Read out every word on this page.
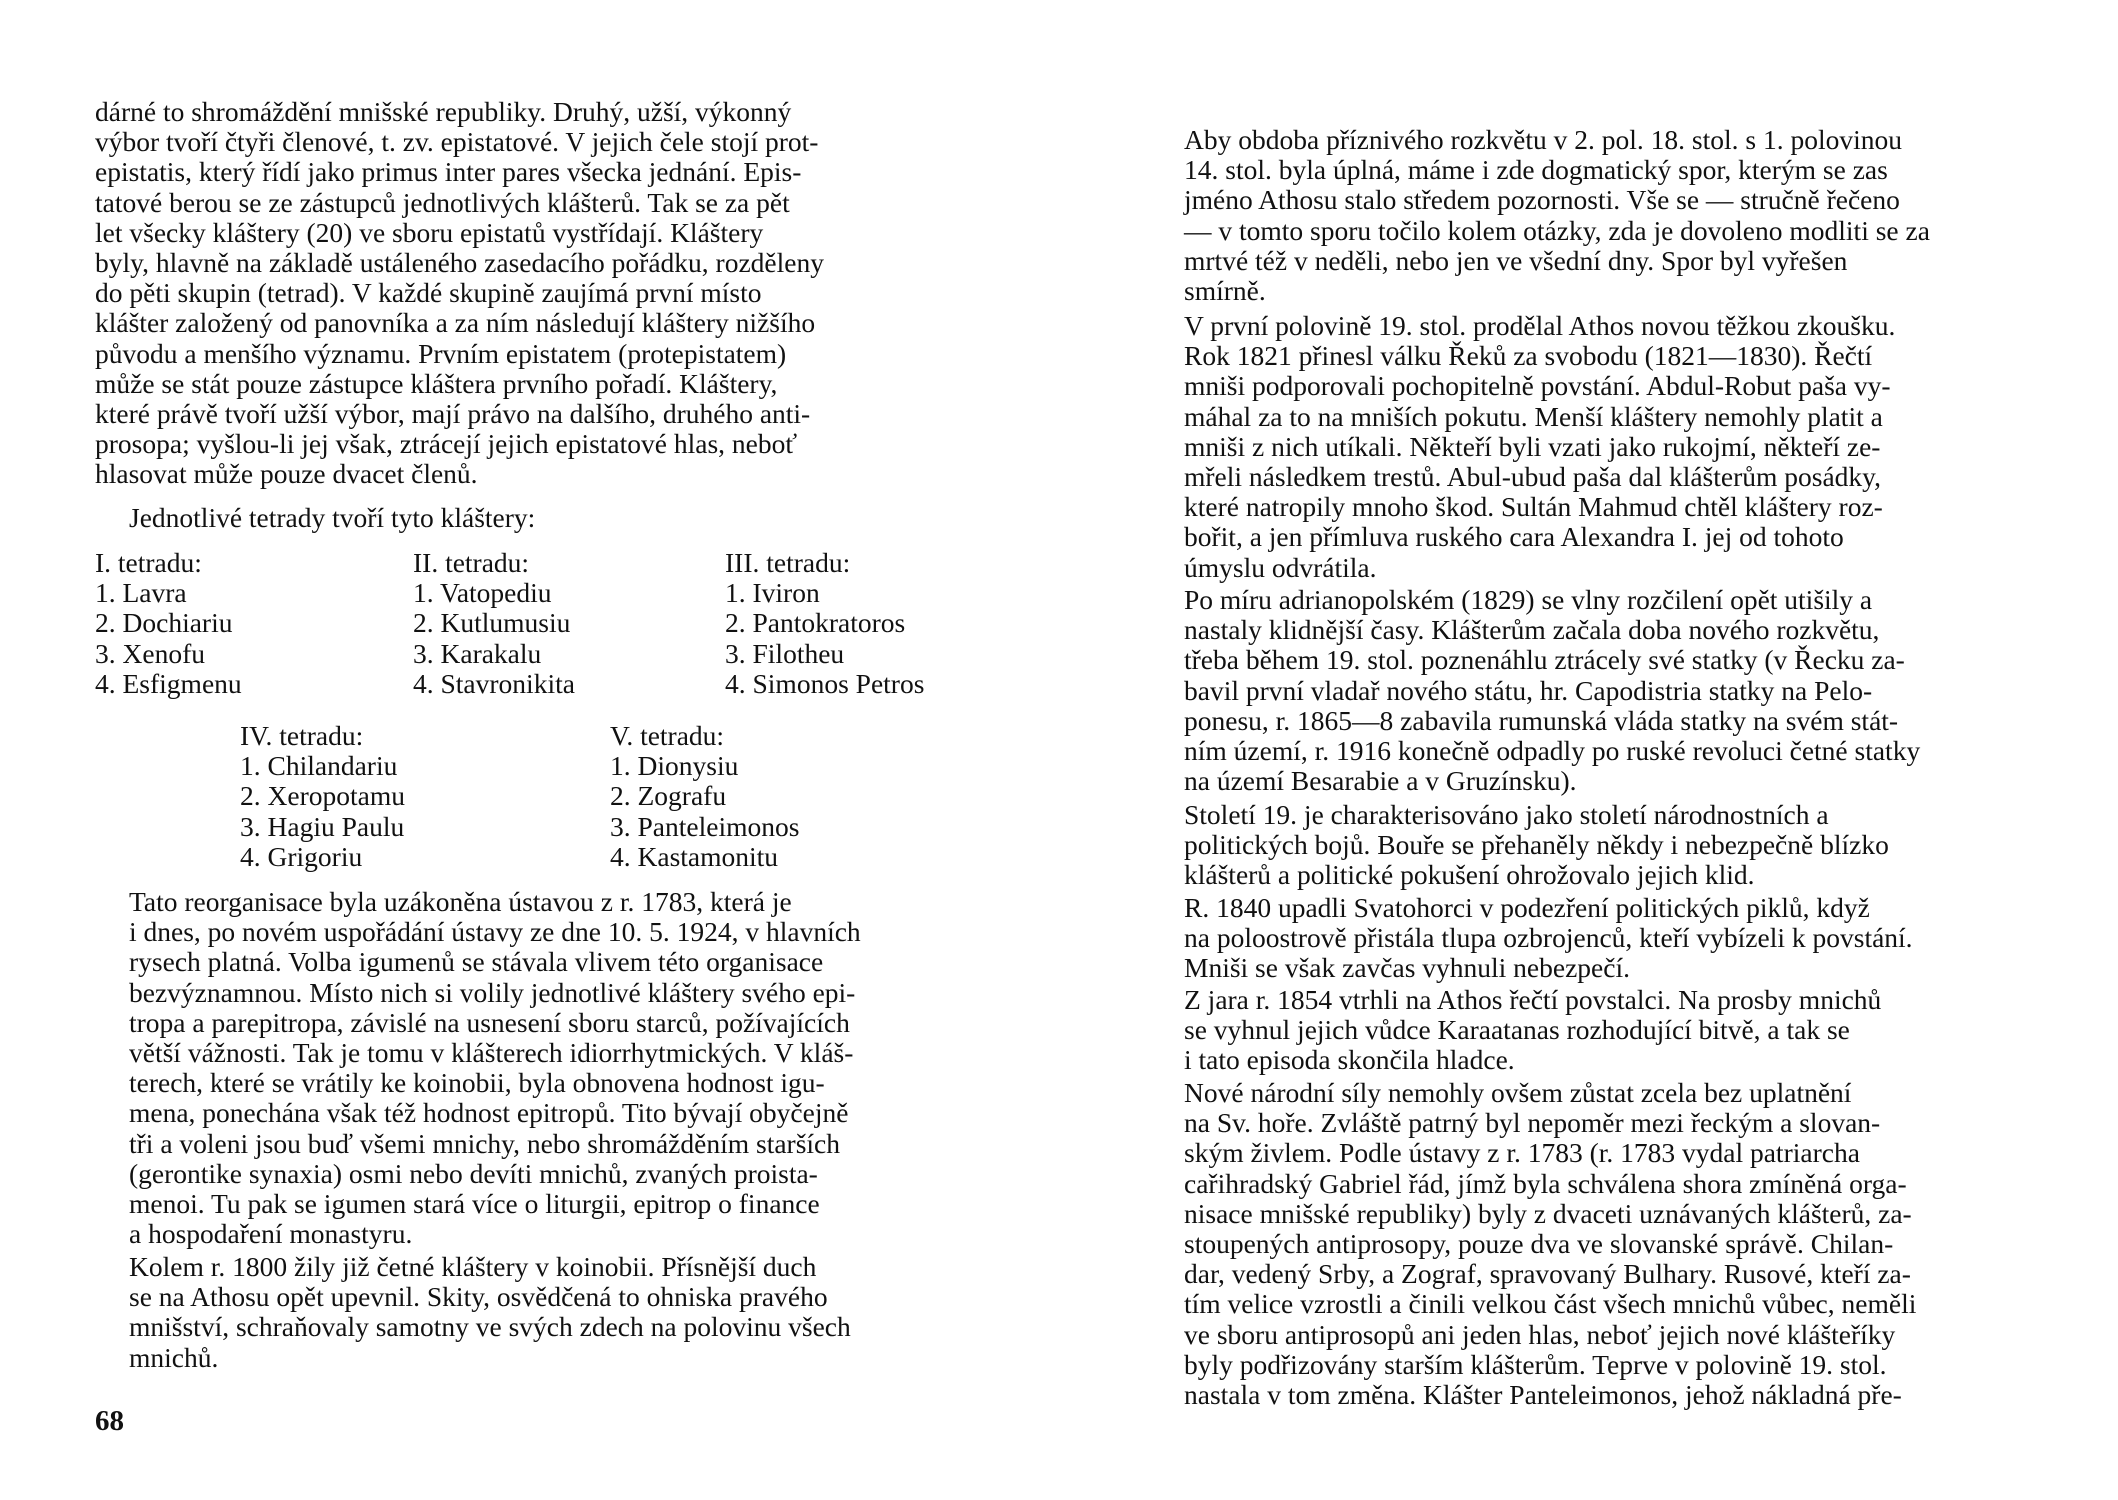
dárné to shromáždění mnišské republiky. Druhý, užší, výkonný
výbor tvoří čtyři členové, t. zv. epistatové. V jejich čele stojí prot-
epistatis, který řídí jako primus inter pares všecka jednání. Epis-
tatové berou se ze zástupců jednotlivých klášterů. Tak se za pět
let všecky kláštery (20) ve sboru epistatů vystřídají. Kláštery
byly, hlavně na základě ustáleného zasedacího pořádku, rozděleny
do pěti skupin (tetrad). V každé skupině zaujímá první místo
klášter založený od panovníka a za ním následují kláštery nižšího
původu a menšího významu. Prvním epistatem (protepistatem)
může se stát pouze zástupce kláštera prvního pořadí. Kláštery,
které právě tvoří užší výbor, mají právo na dalšího, druhého anti-
prosopa; vyšlou-li jej však, ztrácejí jejich epistatové hlas, neboť
hlasovat může pouze dvacet členů.
Jednotlivé tetrady tvoří tyto kláštery:
I. tetradu:
1. Lavra
2. Dochiariu
3. Xenofu
4. Esfigmenu
II. tetradu:
1. Vatopediu
2. Kutlumusiu
3. Karakalu
4. Stavronikita
III. tetradu:
1. Iviron
2. Pantokratoros
3. Filotheu
4. Simonos Petros
IV. tetradu:
1. Chilandariu
2. Xeropotamu
3. Hagiu Paulu
4. Grigoriu
V. tetradu:
1. Dionysiu
2. Zografu
3. Panteleimonos
4. Kastamonitu
Tato reorganisace byla uzákoněna ústavou z r. 1783, která je
i dnes, po novém uspořádání ústavy ze dne 10. 5. 1924, v hlavních
rysech platná. Volba igumenů se stávala vlivem této organisace
bezvýznamnou. Místo nich si volily jednotlivé kláštery svého epi-
tropa a parepitropa, závislé na usnesení sboru starců, požívajících
větší vážnosti. Tak je tomu v klášterech idiorrhytmických. V kláš-
terech, které se vrátily ke koinobii, byla obnovena hodnost igu-
mena, ponechána však též hodnost epitropů. Tito bývají obyčejně
tři a voleni jsou buď všemi mnichy, nebo shromážděním starších
(gerontike synaxia) osmi nebo devíti mnichů, zvaných proista-
menoi. Tu pak se igumen stará více o liturgii, epitrop o finance
a hospodaření monastyru.
Kolem r. 1800 žily již četné kláštery v koinobii. Přísnější duch
se na Athosu opět upevnil. Skity, osvědčená to ohniska pravého
mnišství, schraňovaly samotny ve svých zdech na polovinu všech
mnichů.
68
Aby obdoba příznivého rozkvětu v 2. pol. 18. stol. s 1. polovinou
14. stol. byla úplná, máme i zde dogmatický spor, kterým se zas
jméno Athosu stalo středem pozornosti. Vše se — stručně řečeno
— v tomto sporu točilo kolem otázky, zda je dovoleno modliti se za
mrtvé též v neděli, nebo jen ve všední dny. Spor byl vyřešen
smírně.
V první polovině 19. stol. prodělal Athos novou těžkou zkoušku.
Rok 1821 přinesl válku Řeků za svobodu (1821—1830). Řečtí
mniši podporovali pochopitelně povstání. Abdul-Robut paša vy-
máhal za to na mniších pokutu. Menší kláštery nemohly platit a
mniši z nich utíkali. Někteří byli vzati jako rukojmí, někteří ze-
mřeli následkem trestů. Abul-ubud paša dal klášterům posádky,
které natropily mnoho škod. Sultán Mahmud chtěl kláštery roz-
bořit, a jen přímluva ruského cara Alexandra I. jej od tohoto
úmyslu odvrátila.
Po míru adrianopolském (1829) se vlny rozčilení opět utišily a
nastaly klidnější časy. Klášterům začala doba nového rozkvětu,
třeba během 19. stol. poznenáhlu ztrácely své statky (v Řecku za-
bavil první vladař nového státu, hr. Capodistria statky na Pelo-
ponesu, r. 1865—8 zabavila rumunská vláda statky na svém stát-
ním území, r. 1916 konečně odpadly po ruské revoluci četné statky
na území Besarabie a v Gruzínsku).
Století 19. je charakterisováno jako století národnostních a
politických bojů. Bouře se přehaněly někdy i nebezpečně blízko
klášterů a politické pokušení ohrožovalo jejich klid.
R. 1840 upadli Svatohorci v podezření politických piklů, když
na poloostrově přistála tlupa ozbrojenců, kteří vybízeli k povstání.
Mniši se však zavčas vyhnuli nebezpečí.
Z jara r. 1854 vtrhli na Athos řečtí povstalci. Na prosby mnichů
se vyhnul jejich vůdce Karaatanas rozhodující bitvě, a tak se
i tato episoda skončila hladce.
Nové národní síly nemohly ovšem zůstat zcela bez uplatnění
na Sv. hoře. Zvláště patrný byl nepoměr mezi řeckým a slovan-
ským živlem. Podle ústavy z r. 1783 (r. 1783 vydal patriarcha
cařihradský Gabriel řád, jímž byla schválena shora zmíněná orga-
nisace mnišské republiky) byly z dvaceti uznávaných klášterů, za-
stoupených antiprosopy, pouze dva ve slovanské správě. Chilan-
dar, vedený Srby, a Zograf, spravovaný Bulhary. Rusové, kteří za-
tím velice vzrostli a činili velkou část všech mnichů vůbec, neměli
ve sboru antiprosopů ani jeden hlas, neboť jejich nové klášteříky
byly podřizovány starším klášterům. Teprve v polovině 19. stol.
nastala v tom změna. Klášter Panteleimonos, jehož nákladná pře-
